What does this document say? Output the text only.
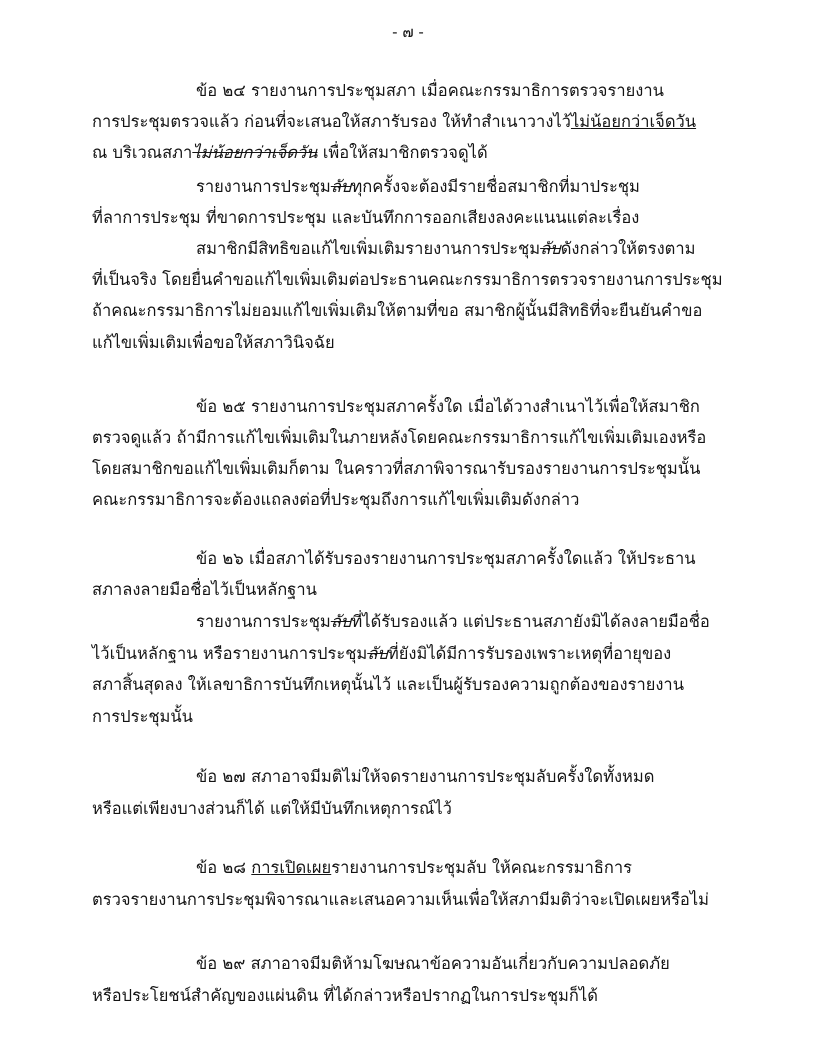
- ๗ -
ข้อ ๒๔ รายงานการประชุมสภา เมื่อคณะกรรมาธิการตรวจรายงาน
การประชุมตรวจแล้ว ก่อนที่จะเสนอให้สภารับรอง ให้ทำสำเนาวางไว้ไม่น้อยกว่าเจ็ดวัน
ณ บริเวณสภาไม่น้อยกว่าเจ็ดวัน เพื่อให้สมาชิกตรวจดูได้
รายงานการประชุมลับทุกครั้งจะต้องมีรายชื่อสมาชิกที่มาประชุม
ที่ลาการประชุม ที่ขาดการประชุม และบันทึกการออกเสียงลงคะแนนแต่ละเรื่อง
สมาชิกมีสิทธิขอแก้ไขเพิ่มเติมรายงานการประชุมลับดังกล่าวให้ตรงตาม
ที่เป็นจริง โดยยื่นคำขอแก้ไขเพิ่มเติมต่อประธานคณะกรรมาธิการตรวจรายงานการประชุม
ถ้าคณะกรรมาธิการไม่ยอมแก้ไขเพิ่มเติมให้ตามที่ขอ สมาชิกผู้นั้นมีสิทธิที่จะยืนยันคำขอ
แก้ไขเพิ่มเติมเพื่อขอให้สภาวินิจฉัย
ข้อ ๒๕ รายงานการประชุมสภาครั้งใด เมื่อได้วางสำเนาไว้เพื่อให้สมาชิก
ตรวจดูแล้ว ถ้ามีการแก้ไขเพิ่มเติมในภายหลังโดยคณะกรรมาธิการแก้ไขเพิ่มเติมเองหรือ
โดยสมาชิกขอแก้ไขเพิ่มเติมก็ตาม ในคราวที่สภาพิจารณารับรองรายงานการประชุมนั้น
คณะกรรมาธิการจะต้องแถลงต่อที่ประชุมถึงการแก้ไขเพิ่มเติมดังกล่าว
ข้อ ๒๖ เมื่อสภาได้รับรองรายงานการประชุมสภาครั้งใดแล้ว ให้ประธาน
สภาลงลายมือชื่อไว้เป็นหลักฐาน
รายงานการประชุมลับที่ได้รับรองแล้ว แต่ประธานสภายังมิได้ลงลายมือชื่อ
ไว้เป็นหลักฐาน หรือรายงานการประชุมลับที่ยังมิได้มีการรับรองเพราะเหตุที่อายุของ
สภาสิ้นสุดลง ให้เลขาธิการบันทึกเหตุนั้นไว้ และเป็นผู้รับรองความถูกต้องของรายงาน
การประชุมนั้น
ข้อ ๒๗ สภาอาจมีมติไม่ให้จดรายงานการประชุมลับครั้งใดทั้งหมด
หรือแต่เพียงบางส่วนก็ได้ แต่ให้มีบันทึกเหตุการณ์ไว้
ข้อ ๒๘ การเปิดเผยรายงานการประชุมลับ ให้คณะกรรมาธิการ
ตรวจรายงานการประชุมพิจารณาและเสนอความเห็นเพื่อให้สภามีมติว่าจะเปิดเผยหรือไม่
ข้อ ๒๙ สภาอาจมีมติห้ามโฆษณาข้อความอันเกี่ยวกับความปลอดภัย
หรือประโยชน์สำคัญของแผ่นดิน ที่ได้กล่าวหรือปรากฏในการประชุมก็ได้
